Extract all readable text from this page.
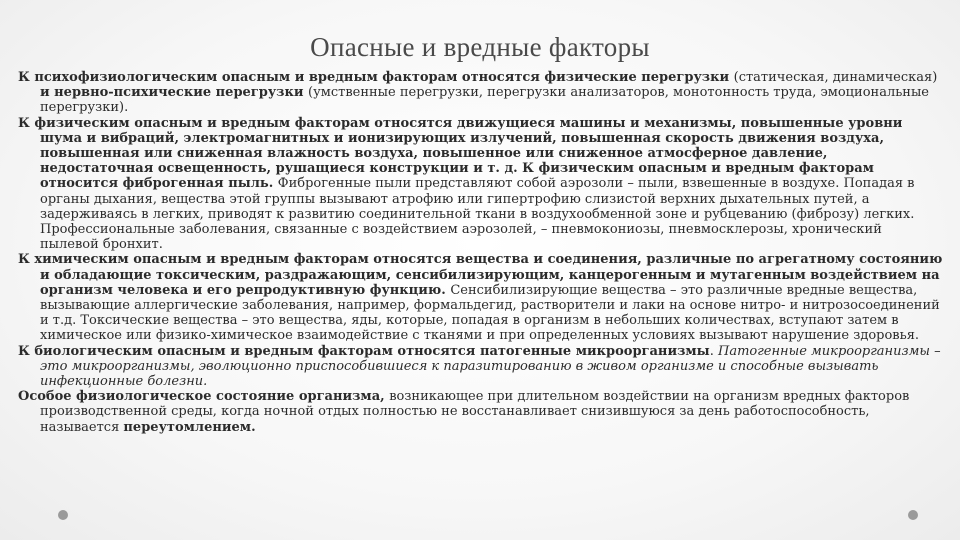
Опасные и вредные факторы

К психофизиологическим опасным и вредным факторам относятся физические перегрузки (статическая, динамическая) и нервно-психические перегрузки (умственные перегрузки, перегрузки анализаторов, монотонность труда, эмоциональные перегрузки).

К физическим опасным и вредным факторам относятся движущиеся машины и механизмы, повышенные уровни шума и вибраций, электромагнитных и ионизирующих излучений, повышенная скорость движения воздуха, повышенная или сниженная влажность воздуха, повышенное или сниженное атмосферное давление, недостаточная освещенность, рушащиеся конструкции и т. д. К физическим опасным и вредным факторам относится фиброгенная пыль. Фиброгенные пыли представляют собой аэрозоли – пыли, взвешенные в воздухе. Попадая в органы дыхания, вещества этой группы вызывают атрофию или гипертрофию слизистой верхних дыхательных путей, а задерживаясь в легких, приводят к развитию соединительной ткани в воздухообменной зоне и рубцеванию (фиброзу) легких. Профессиональные заболевания, связанные с воздействием аэрозолей, – пневмокониозы, пневмосклерозы, хронический пылевой бронхит.

К химическим опасным и вредным факторам относятся вещества и соединения, различные по агрегатному состоянию и обладающие токсическим, раздражающим, сенсибилизирующим, канцерогенным и мутагенным воздействием на организм человека и его репродуктивную функцию. Сенсибилизирующие вещества – это различные вредные вещества, вызывающие аллергические заболевания, например, формальдегид, растворители и лаки на основе нитро- и нитрозосоединений и т.д. Токсические вещества – это вещества, яды, которые, попадая в организм в небольших количествах, вступают затем в химическое или физико-химическое взаимодействие с тканями и при определенных условиях вызывают нарушение здоровья.

К биологическим опасным и вредным факторам относятся патогенные микроорганизмы. Патогенные микроорганизмы – это микроорганизмы, эволюционно приспособившиеся к паразитированию в живом организме и способные вызывать инфекционные болезни.

Особое физиологическое состояние организма, возникающее при длительном воздействии на организм вредных факторов производственной среды, когда ночной отдых полностью не восстанавливает снизившуюся за день работоспособность, называется переутомлением.
